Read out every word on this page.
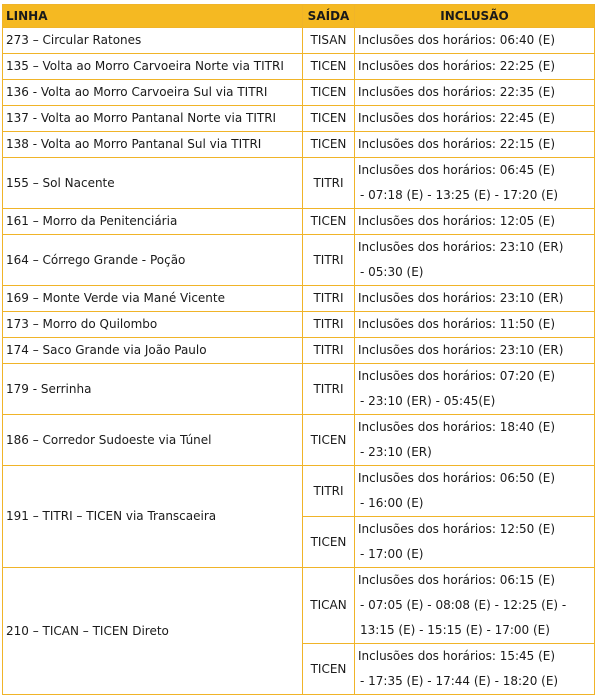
LINHA	SAÍDA	INCLUSÃO
273 – Circular Ratones	TISAN	Inclusões dos horários: 06:40 (E)

135 – Volta ao Morro Carvoeira Norte via TITRI	TICEN	Inclusões dos horários: 22:25 (E)

136 - Volta ao Morro Carvoeira Sul via TITRI	TICEN	Inclusões dos horários: 22:35 (E)

137 - Volta ao Morro Pantanal Norte via TITRI	TICEN	Inclusões dos horários: 22:45 (E)

138 - Volta ao Morro Pantanal Sul via TITRI	TICEN	Inclusões dos horários: 22:15 (E)

155 – Sol Nacente	TITRI	Inclusões dos horários: 06:45 (E)
- 07:18 (E) - 13:25 (E) - 17:20 (E)

161 – Morro da Penitenciária	TICEN	Inclusões dos horários: 12:05 (E)

164 – Córrego Grande - Poção	TITRI	Inclusões dos horários: 23:10 (ER)
- 05:30 (E)

169 – Monte Verde via Mané Vicente	TITRI	Inclusões dos horários: 23:10 (ER)

173 – Morro do Quilombo	TITRI	Inclusões dos horários: 11:50 (E)

174 – Saco Grande via João Paulo	TITRI	Inclusões dos horários: 23:10 (ER)

179 - Serrinha	TITRI	Inclusões dos horários: 07:20 (E)
- 23:10 (ER) - 05:45(E)

186 – Corredor Sudoeste via Túnel	TICEN	Inclusões dos horários: 18:40 (E)
- 23:10 (ER)

191 – TITRI – TICEN via Transcaeira	TITRI	Inclusões dos horários: 06:50 (E)
- 16:00 (E)

	TICEN	Inclusões dos horários: 12:50 (E)
- 17:00 (E)

210 – TICAN – TICEN Direto	TICAN	Inclusões dos horários: 06:15 (E)
- 07:05 (E) - 08:08 (E) - 12:25 (E) -
13:15 (E) - 15:15 (E) - 17:00 (E)

	TICEN	Inclusões dos horários: 15:45 (E)
- 17:35 (E) - 17:44 (E) - 18:20 (E)
